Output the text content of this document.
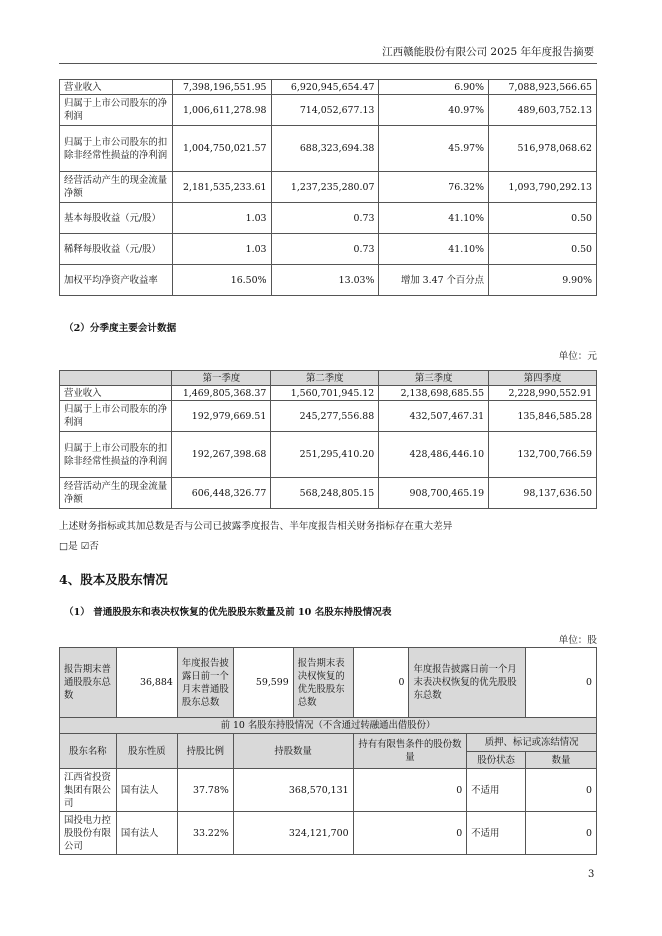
江西赣能股份有限公司 2025 年年度报告摘要
营业收入	7,398,196,551.95	6,920,945,654.47	6.90%	7,088,923,566.65
归属于上市公司股东的净利润	1,006,611,278.98	714,052,677.13	40.97%	489,603,752.13
归属于上市公司股东的扣除非经常性损益的净利润	1,004,750,021.57	688,323,694.38	45.97%	516,978,068.62
经营活动产生的现金流量净额	2,181,535,233.61	1,237,235,280.07	76.32%	1,093,790,292.13
基本每股收益（元/股）	1.03	0.73	41.10%	0.50
稀释每股收益（元/股）	1.03	0.73	41.10%	0.50
加权平均净资产收益率	16.50%	13.03%	增加 3.47 个百分点	9.90%
（2）分季度主要会计数据
单位：元
	第一季度	第二季度	第三季度	第四季度
营业收入	1,469,805,368.37	1,560,701,945.12	2,138,698,685.55	2,228,990,552.91
归属于上市公司股东的净利润	192,979,669.51	245,277,556.88	432,507,467.31	135,846,585.28
归属于上市公司股东的扣除非经常性损益的净利润	192,267,398.68	251,295,410.20	428,486,446.10	132,700,766.59
经营活动产生的现金流量净额	606,448,326.77	568,248,805.15	908,700,465.19	98,137,636.50
上述财务指标或其加总数是否与公司已披露季度报告、半年度报告相关财务指标存在重大差异
□是 ☑否
4、股本及股东情况
（1） 普通股股东和表决权恢复的优先股股东数量及前 10 名股东持股情况表
单位：股
报告期末普通股股东总数	36,884	年度报告披露日前一个月末普通股股东总数	59,599	报告期末表决权恢复的优先股股东总数	0	年度报告披露日前一个月末表决权恢复的优先股股东总数		0
前 10 名股东持股情况（不含通过转融通出借股份）								
股东名称	股东性质	持股比例	持股数量		持有有限售条件的股份数量		质押、标记或冻结情况	
							股份状态	数量
江西省投资集团有限公司	国有法人	37.78%	368,570,131		0		不适用	0
国投电力控股股份有限公司	国有法人	33.22%	324,121,700		0		不适用	0
3
